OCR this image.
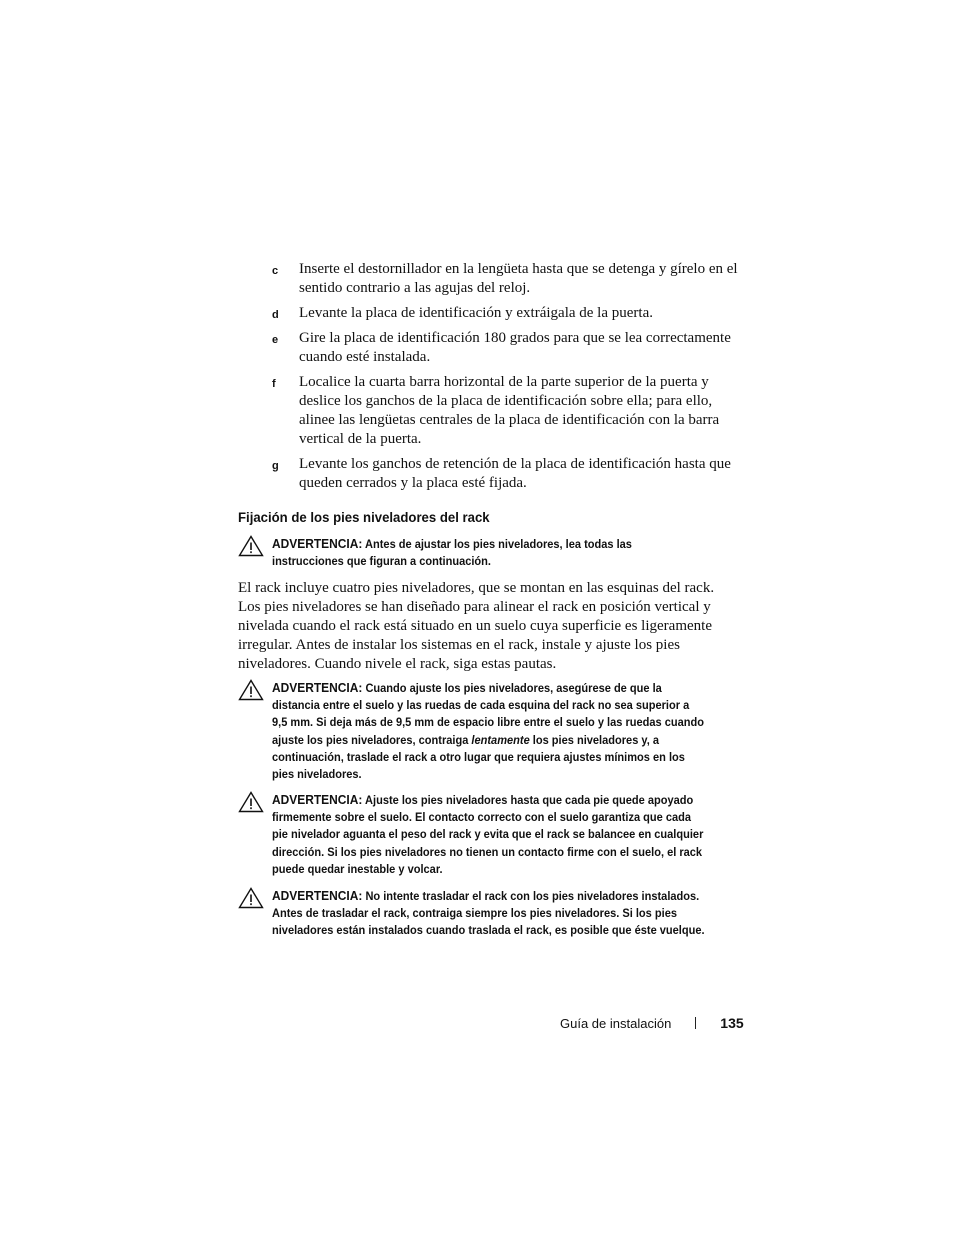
c Inserte el destornillador en la lengüeta hasta que se detenga y gírelo en el sentido contrario a las agujas del reloj.
d Levante la placa de identificación y extráigala de la puerta.
e Gire la placa de identificación 180 grados para que se lea correctamente cuando esté instalada.
f Localice la cuarta barra horizontal de la parte superior de la puerta y deslice los ganchos de la placa de identificación sobre ella; para ello, alinee las lengüetas centrales de la placa de identificación con la barra vertical de la puerta.
g Levante los ganchos de retención de la placa de identificación hasta que queden cerrados y la placa esté fijada.
Fijación de los pies niveladores del rack
ADVERTENCIA: Antes de ajustar los pies niveladores, lea todas las instrucciones que figuran a continuación.
El rack incluye cuatro pies niveladores, que se montan en las esquinas del rack. Los pies niveladores se han diseñado para alinear el rack en posición vertical y nivelada cuando el rack está situado en un suelo cuya superficie es ligeramente irregular. Antes de instalar los sistemas en el rack, instale y ajuste los pies niveladores. Cuando nivele el rack, siga estas pautas.
ADVERTENCIA: Cuando ajuste los pies niveladores, asegúrese de que la distancia entre el suelo y las ruedas de cada esquina del rack no sea superior a 9,5 mm. Si deja más de 9,5 mm de espacio libre entre el suelo y las ruedas cuando ajuste los pies niveladores, contraiga lentamente los pies niveladores y, a continuación, traslade el rack a otro lugar que requiera ajustes mínimos en los pies niveladores.
ADVERTENCIA: Ajuste los pies niveladores hasta que cada pie quede apoyado firmemente sobre el suelo. El contacto correcto con el suelo garantiza que cada pie nivelador aguanta el peso del rack y evita que el rack se balancee en cualquier dirección. Si los pies niveladores no tienen un contacto firme con el suelo, el rack puede quedar inestable y volcar.
ADVERTENCIA: No intente trasladar el rack con los pies niveladores instalados. Antes de trasladar el rack, contraiga siempre los pies niveladores. Si los pies niveladores están instalados cuando traslada el rack, es posible que éste vuelque.
Guía de instalación	135
